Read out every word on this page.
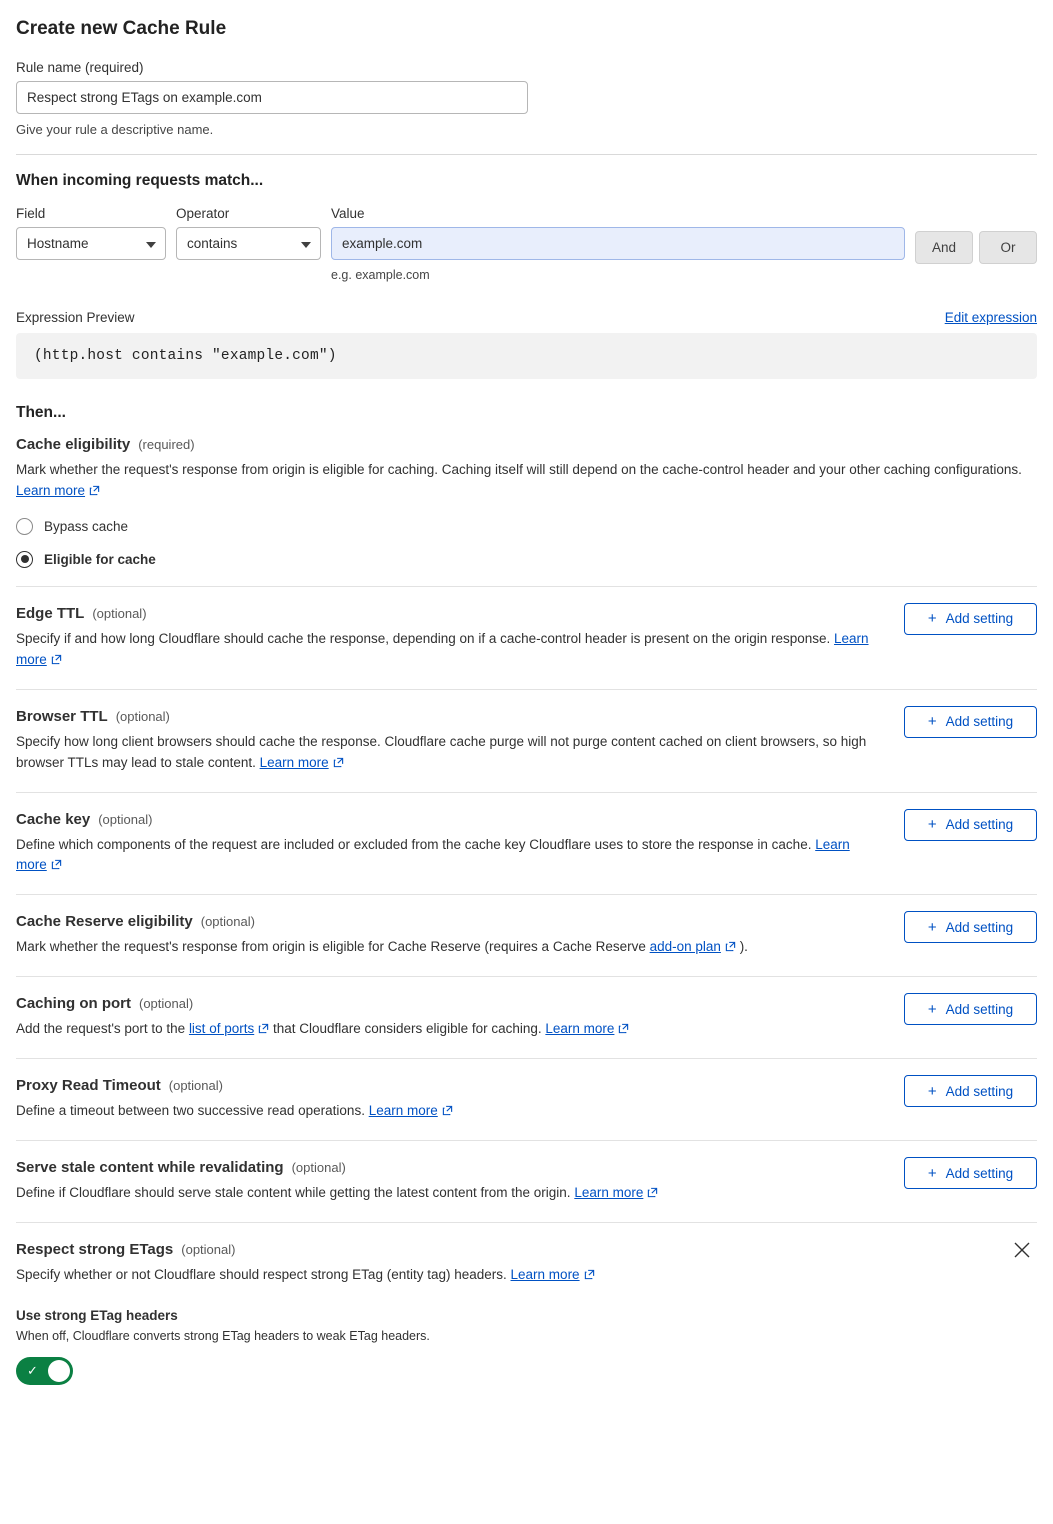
Create new Cache Rule
Rule name (required)
Respect strong ETags on example.com
Give your rule a descriptive name.
When incoming requests match...
Field
Hostname
Operator
contains
Value
example.com
e.g. example.com
And	Or
Expression Preview	Edit expression
(http.host contains "example.com")
Then...
Cache eligibility (required)
Mark whether the request's response from origin is eligible for caching. Caching itself will still depend on the cache-control header and your other caching configurations. Learn more
Bypass cache
Eligible for cache
Edge TTL (optional)
Specify if and how long Cloudflare should cache the response, depending on if a cache-control header is present on the origin response. Learn more
+ Add setting
Browser TTL (optional)
Specify how long client browsers should cache the response. Cloudflare cache purge will not purge content cached on client browsers, so high browser TTLs may lead to stale content. Learn more
+ Add setting
Cache key (optional)
Define which components of the request are included or excluded from the cache key Cloudflare uses to store the response in cache. Learn more
+ Add setting
Cache Reserve eligibility (optional)
Mark whether the request's response from origin is eligible for Cache Reserve (requires a Cache Reserve add-on plan
).
+ Add setting
Caching on port (optional)
Add the request's port to the list of ports
that Cloudflare considers eligible for caching. Learn more
+ Add setting
Proxy Read Timeout (optional)
Define a timeout between two successive read operations. Learn more
+ Add setting
Serve stale content while revalidating (optional)
Define if Cloudflare should serve stale content while getting the latest content from the origin. Learn more
+ Add setting
Respect strong ETags (optional)
Specify whether or not Cloudflare should respect strong ETag (entity tag) headers. Learn more
Use strong ETag headers
When off, Cloudflare converts strong ETag headers to weak ETag headers.
✓
